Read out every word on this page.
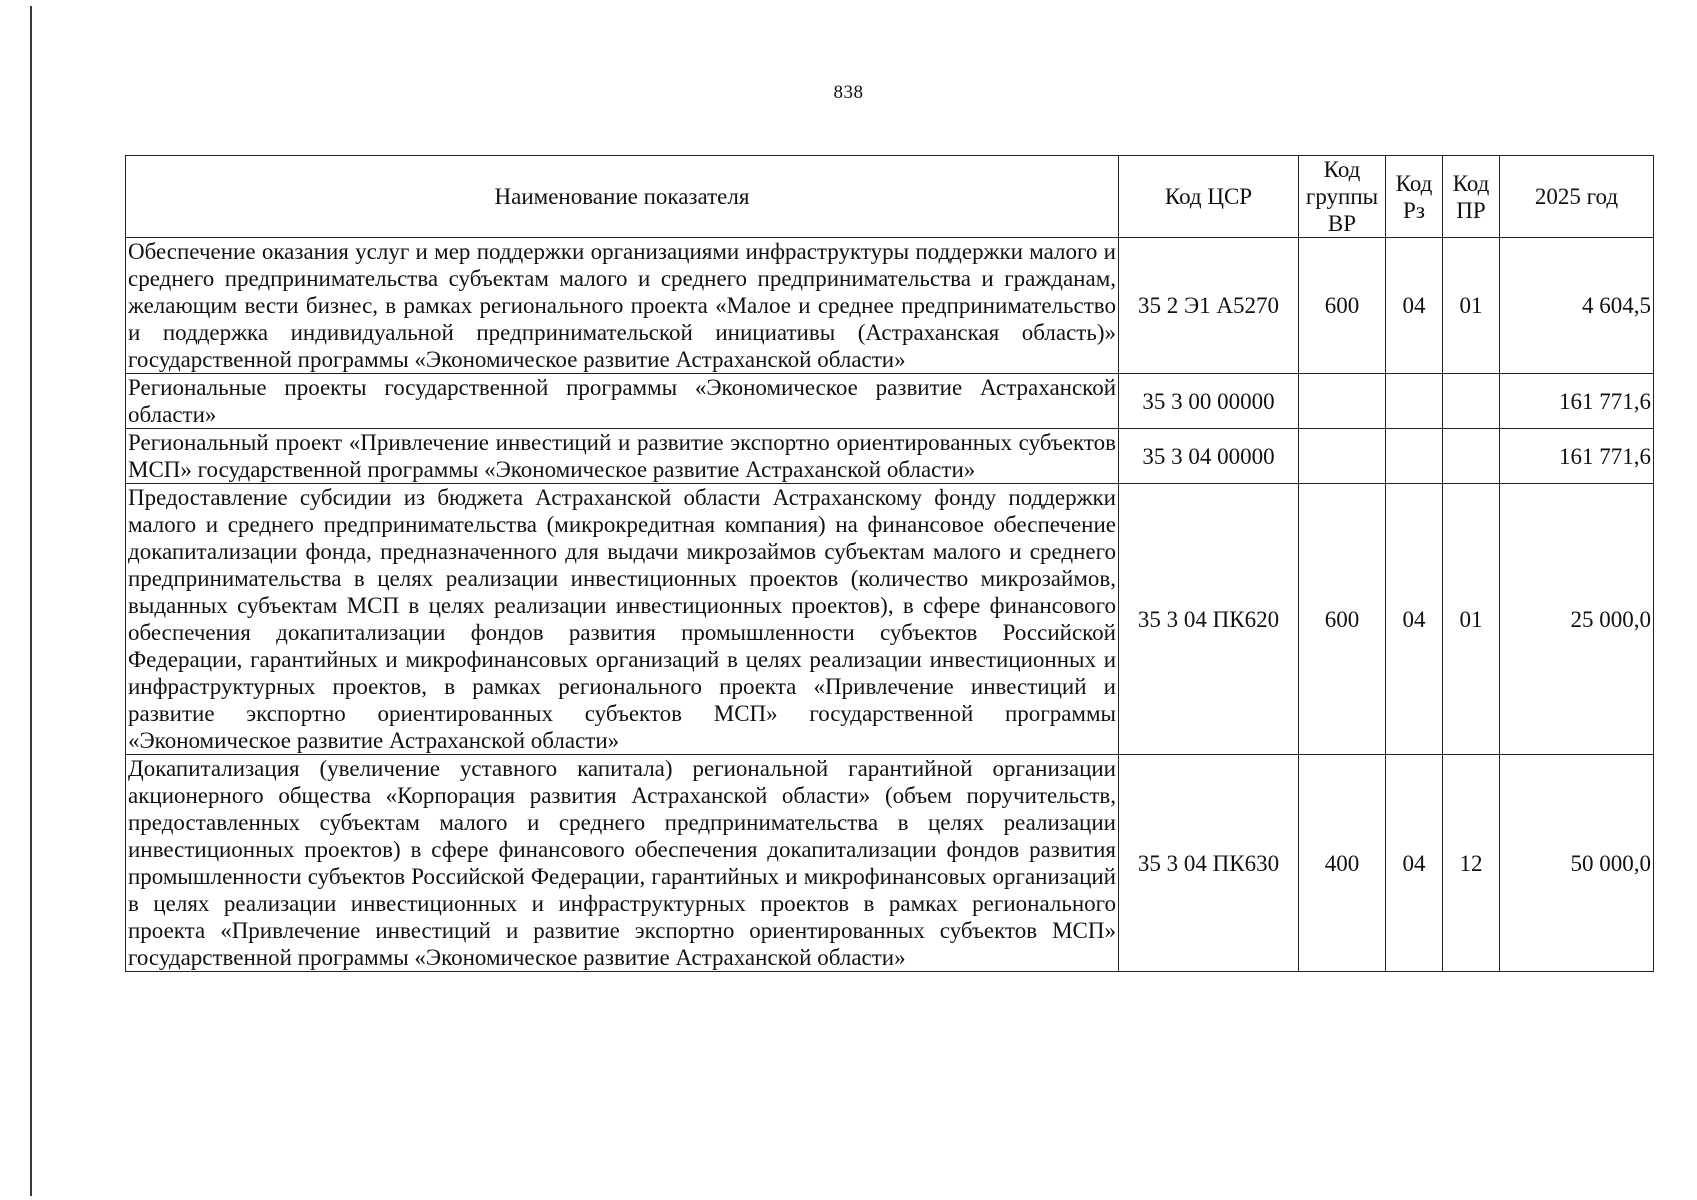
838
Наименование показателя	Код ЦСР	Код группы ВР	Код Рз	Код ПР	2025 год
Обеспечение оказания услуг и мер поддержки организациями инфраструктуры поддержки малого и среднего предпринимательства субъектам малого и среднего предпринимательства и гражданам, желающим вести бизнес, в рамках регионального проекта «Малое и среднее предпринимательство и поддержка индивидуальной предпринимательской инициативы (Астраханская область)» государственной программы «Экономическое развитие Астраханской области»	35 2 Э1 А5270	600	04	01	4 604,5
Региональные проекты государственной программы «Экономическое развитие Астраханской области»	35 3 00 00000				161 771,6
Региональный проект «Привлечение инвестиций и развитие экспортно ориентированных субъектов МСП» государственной программы «Экономическое развитие Астраханской области»	35 3 04 00000				161 771,6
Предоставление субсидии из бюджета Астраханской области Астраханскому фонду поддержки малого и среднего предпринимательства (микрокредитная компания) на финансовое обеспечение докапитализации фонда, предназначенного для выдачи микрозаймов субъектам малого и среднего предпринимательства в целях реализации инвестиционных проектов (количество микрозаймов, выданных субъектам МСП в целях реализации инвестиционных проектов), в сфере финансового обеспечения докапитализации фондов развития промышленности субъектов Российской Федерации, гарантийных и микрофинансовых организаций в целях реализации инвестиционных и инфраструктурных проектов, в рамках регионального проекта «Привлечение инвестиций и развитие экспортно ориентированных субъектов МСП» государственной программы «Экономическое развитие Астраханской области»	35 3 04 ПК620	600	04	01	25 000,0
Докапитализация (увеличение уставного капитала) региональной гарантийной организации акционерного общества «Корпорация развития Астраханской области» (объем поручительств, предоставленных субъектам малого и среднего предпринимательства в целях реализации инвестиционных проектов) в сфере финансового обеспечения докапитализации фондов развития промышленности субъектов Российской Федерации, гарантийных и микрофинансовых организаций в целях реализации инвестиционных и инфраструктурных проектов в рамках регионального проекта «Привлечение инвестиций и развитие экспортно ориентированных субъектов МСП» государственной программы «Экономическое развитие Астраханской области»	35 3 04 ПК630	400	04	12	50 000,0
